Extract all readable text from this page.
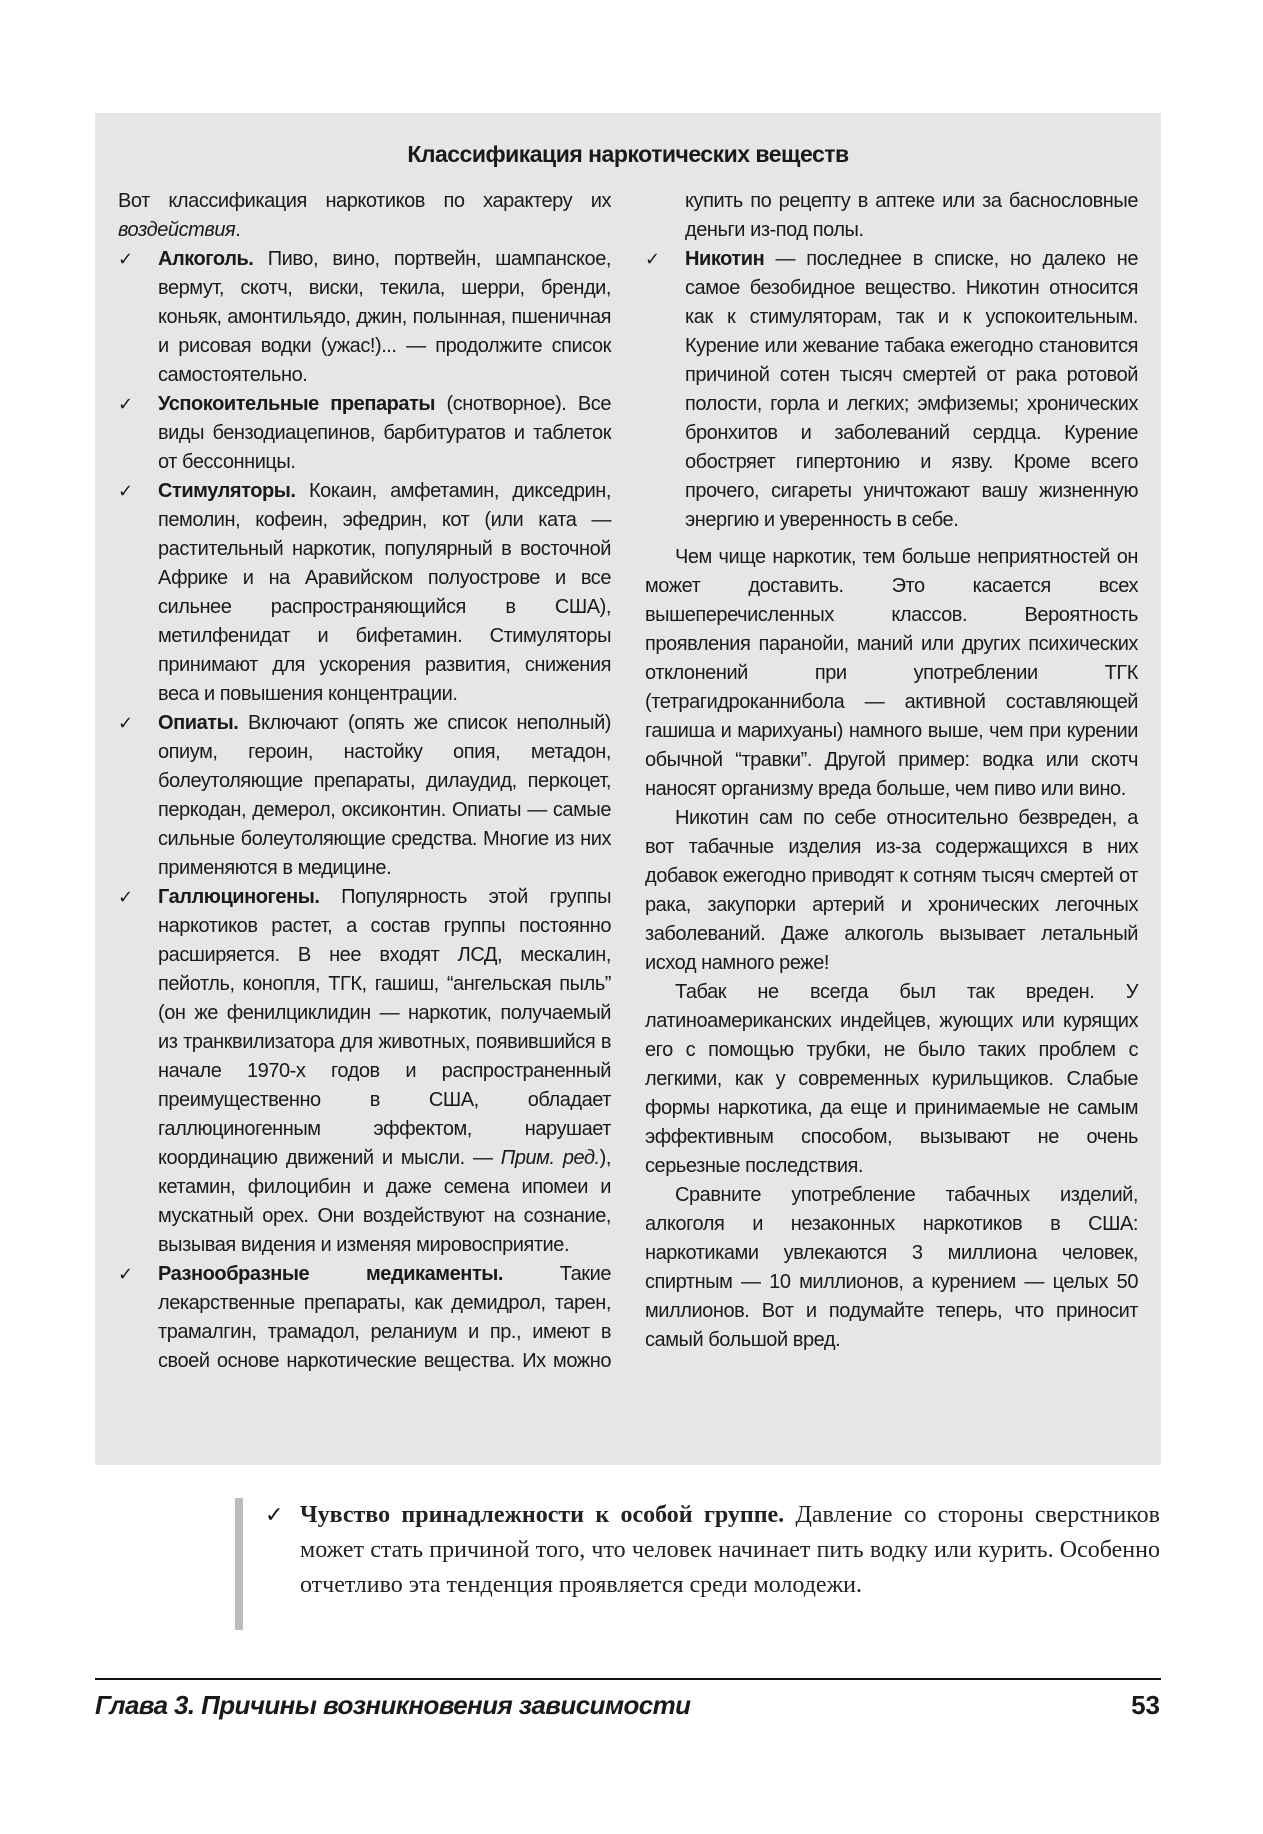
Классификация наркотических веществ

Вот классификация наркотиков по характеру их воздействия.

✓ Алкоголь. Пиво, вино, портвейн, шампанское, вермут, скотч, виски, текила, шерри, бренди, коньяк, амонтильядо, джин, полынная, пшеничная и рисовая водки (ужас!)... — продолжите список самостоятельно.

✓ Успокоительные препараты (снотворное). Все виды бензодиацепинов, барбитуратов и таблеток от бессонницы.

✓ Стимуляторы. Кокаин, амфетамин, дикседрин, пемолин, кофеин, эфедрин, кот (или ката — растительный наркотик, популярный в восточной Африке и на Аравийском полуострове и все сильнее распространяющийся в США), метилфенидат и бифетамин. Стимуляторы принимают для ускорения развития, снижения веса и повышения концентрации.

✓ Опиаты. Включают (опять же список неполный) опиум, героин, настойку опия, метадон, болеутоляющие препараты, дилаудид, перкоцет, перкодан, демерол, оксиконтин. Опиаты — самые сильные болеутоляющие средства. Многие из них применяются в медицине.

✓ Галлюциногены. Популярность этой группы наркотиков растет, а состав группы постоянно расширяется. В нее входят ЛСД, мескалин, пейотль, конопля, ТГК, гашиш, “ангельская пыль” (он же фенилциклидин — наркотик, получаемый из транквилизатора для животных, появившийся в начале 1970-х годов и распространенный преимущественно в США, обладает галлюциногенным эффектом, нарушает координацию движений и мысли. — Прим. ред.), кетамин, филоцибин и даже семена ипомеи и мускатный орех. Они воздействуют на сознание, вызывая видения и изменяя мировосприятие.

✓ Разнообразные медикаменты. Такие лекарственные препараты, как демидрол, тарен, трамалгин, трамадол, реланиум и пр., имеют в своей основе наркотические вещества. Их можно купить по рецепту в аптеке или за баснословные деньги из-под полы.

✓ Никотин — последнее в списке, но далеко не самое безобидное вещество. Никотин относится как к стимуляторам, так и к успокоительным. Курение или жевание табака ежегодно становится причиной сотен тысяч смертей от рака ротовой полости, горла и легких; эмфиземы; хронических бронхитов и заболеваний сердца. Курение обостряет гипертонию и язву. Кроме всего прочего, сигареты уничтожают вашу жизненную энергию и уверенность в себе.

Чем чище наркотик, тем больше неприятностей он может доставить. Это касается всех вышеперечисленных классов. Вероятность проявления паранойи, маний или других психических отклонений при употреблении ТГК (тетрагидроканнибола — активной составляющей гашиша и марихуаны) намного выше, чем при курении обычной “травки”. Другой пример: водка или скотч наносят организму вреда больше, чем пиво или вино.

Никотин сам по себе относительно безвреден, а вот табачные изделия из-за содержащихся в них добавок ежегодно приводят к сотням тысяч смертей от рака, закупорки артерий и хронических легочных заболеваний. Даже алкоголь вызывает летальный исход намного реже!

Табак не всегда был так вреден. У латиноамериканских индейцев, жующих или курящих его с помощью трубки, не было таких проблем с легкими, как у современных курильщиков. Слабые формы наркотика, да еще и принимаемые не самым эффективным способом, вызывают не очень серьезные последствия.

Сравните употребление табачных изделий, алкоголя и незаконных наркотиков в США: наркотиками увлекаются 3 миллиона человек, спиртным — 10 миллионов, а курением — целых 50 миллионов. Вот и подумайте теперь, что приносит самый большой вред.

✓ Чувство принадлежности к особой группе. Давление со стороны сверстников может стать причиной того, что человек начинает пить водку или курить. Особенно отчетливо эта тенденция проявляется среди молодежи.
Глава 3. Причины возникновения зависимости	53
